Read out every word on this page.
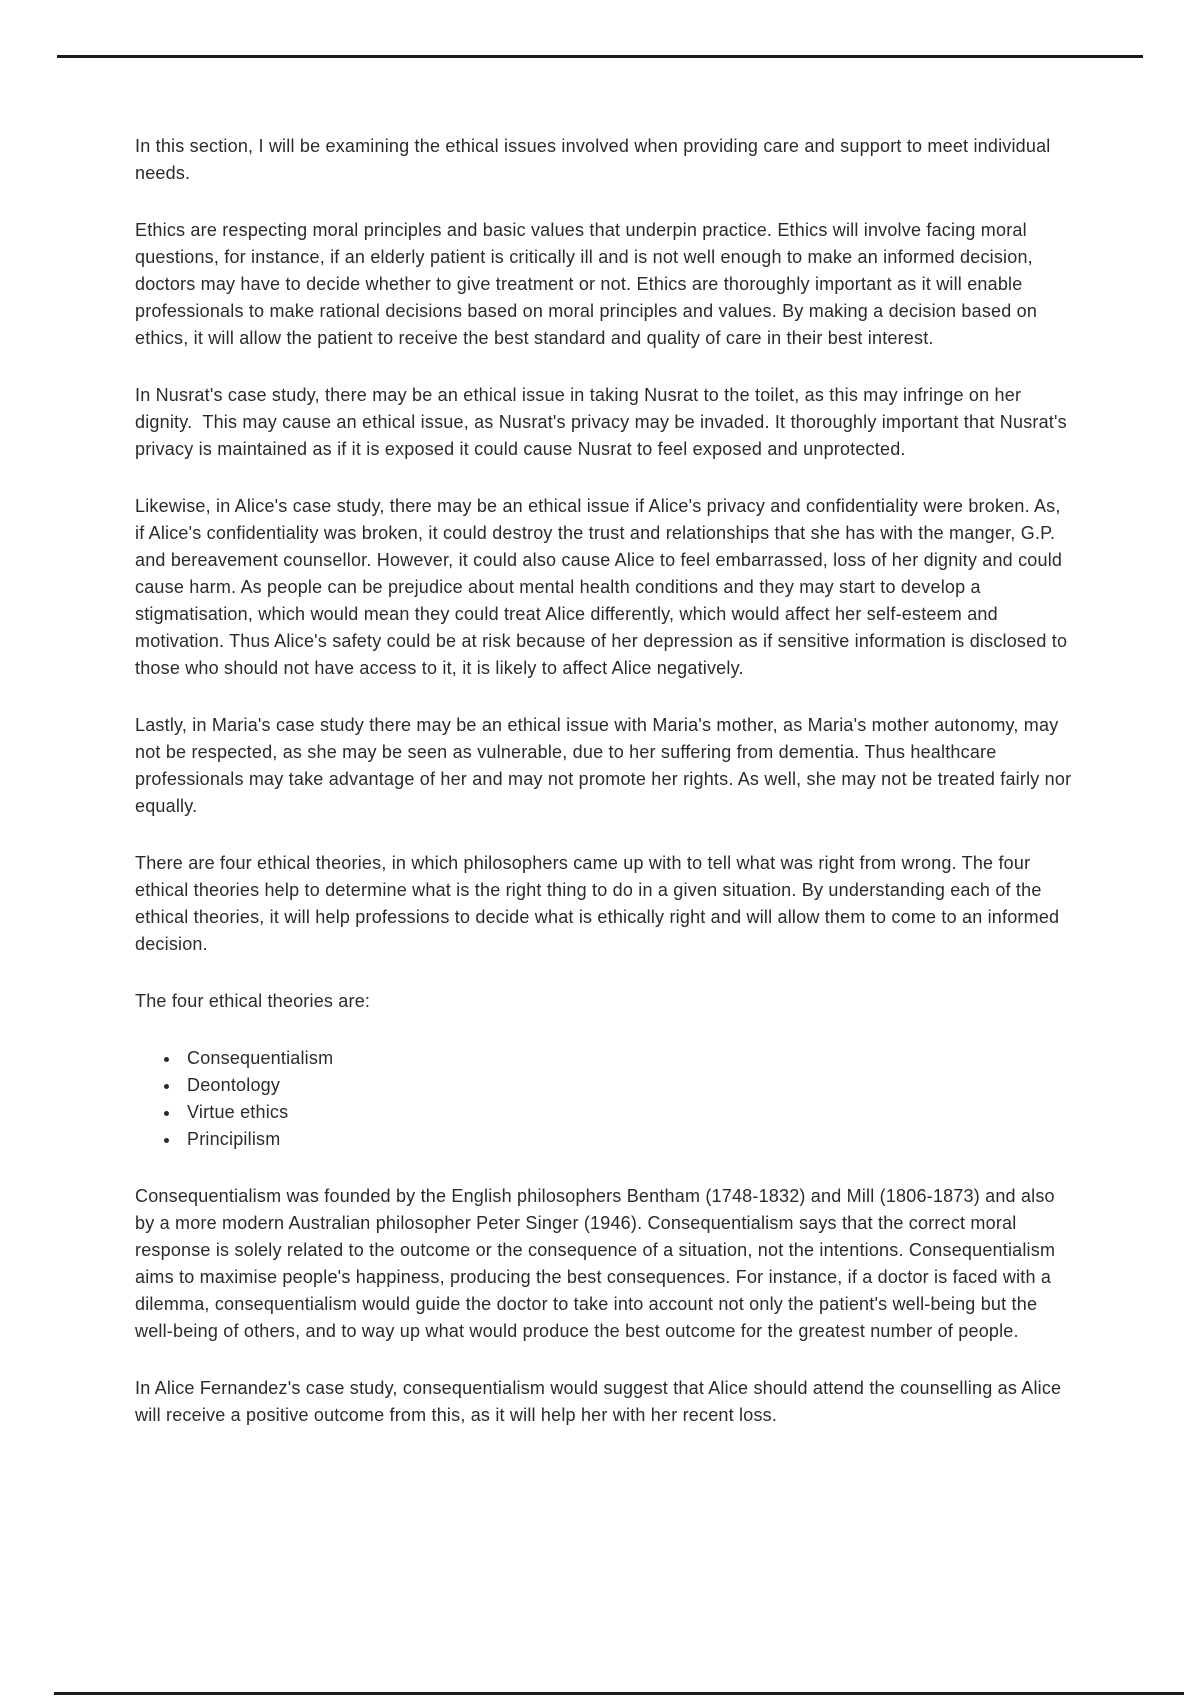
In this section, I will be examining the ethical issues involved when providing care and support to meet individual needs.

Ethics are respecting moral principles and basic values that underpin practice. Ethics will involve facing moral questions, for instance, if an elderly patient is critically ill and is not well enough to make an informed decision, doctors may have to decide whether to give treatment or not. Ethics are thoroughly important as it will enable professionals to make rational decisions based on moral principles and values. By making a decision based on ethics, it will allow the patient to receive the best standard and quality of care in their best interest.

In Nusrat's case study, there may be an ethical issue in taking Nusrat to the toilet, as this may infringe on her dignity.  This may cause an ethical issue, as Nusrat's privacy may be invaded. It thoroughly important that Nusrat's privacy is maintained as if it is exposed it could cause Nusrat to feel exposed and unprotected.

Likewise, in Alice's case study, there may be an ethical issue if Alice's privacy and confidentiality were broken. As, if Alice's confidentiality was broken, it could destroy the trust and relationships that she has with the manger, G.P. and bereavement counsellor. However, it could also cause Alice to feel embarrassed, loss of her dignity and could cause harm. As people can be prejudice about mental health conditions and they may start to develop a stigmatisation, which would mean they could treat Alice differently, which would affect her self-esteem and motivation. Thus Alice's safety could be at risk because of her depression as if sensitive information is disclosed to those who should not have access to it, it is likely to affect Alice negatively.

Lastly, in Maria's case study there may be an ethical issue with Maria's mother, as Maria's mother autonomy, may not be respected, as she may be seen as vulnerable, due to her suffering from dementia. Thus healthcare professionals may take advantage of her and may not promote her rights. As well, she may not be treated fairly nor equally.

There are four ethical theories, in which philosophers came up with to tell what was right from wrong. The four ethical theories help to determine what is the right thing to do in a given situation. By understanding each of the ethical theories, it will help professions to decide what is ethically right and will allow them to come to an informed decision.

The four ethical theories are:

• Consequentialism
• Deontology
• Virtue ethics
• Principilism

Consequentialism was founded by the English philosophers Bentham (1748-1832) and Mill (1806-1873) and also by a more modern Australian philosopher Peter Singer (1946). Consequentialism says that the correct moral response is solely related to the outcome or the consequence of a situation, not the intentions. Consequentialism aims to maximise people's happiness, producing the best consequences. For instance, if a doctor is faced with a dilemma, consequentialism would guide the doctor to take into account not only the patient's well-being but the well-being of others, and to way up what would produce the best outcome for the greatest number of people.

In Alice Fernandez's case study, consequentialism would suggest that Alice should attend the counselling as Alice will receive a positive outcome from this, as it will help her with her recent loss.
